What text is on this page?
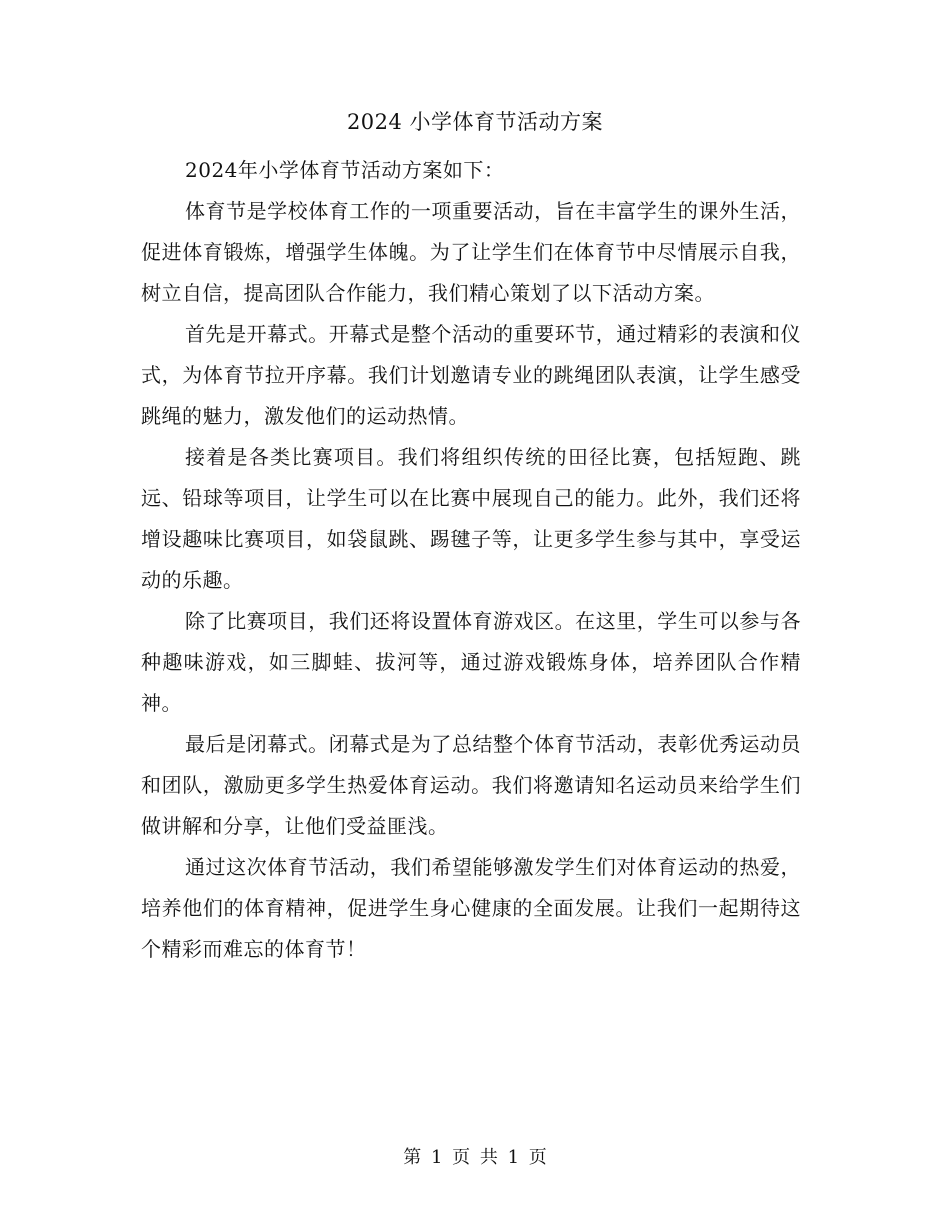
2024 小学体育节活动方案

2024年小学体育节活动方案如下：

体育节是学校体育工作的一项重要活动，旨在丰富学生的课外生活，促进体育锻炼，增强学生体魄。为了让学生们在体育节中尽情展示自我，树立自信，提高团队合作能力，我们精心策划了以下活动方案。

首先是开幕式。开幕式是整个活动的重要环节，通过精彩的表演和仪式，为体育节拉开序幕。我们计划邀请专业的跳绳团队表演，让学生感受跳绳的魅力，激发他们的运动热情。

接着是各类比赛项目。我们将组织传统的田径比赛，包括短跑、跳远、铅球等项目，让学生可以在比赛中展现自己的能力。此外，我们还将增设趣味比赛项目，如袋鼠跳、踢毽子等，让更多学生参与其中，享受运动的乐趣。

除了比赛项目，我们还将设置体育游戏区。在这里，学生可以参与各种趣味游戏，如三脚蛙、拔河等，通过游戏锻炼身体，培养团队合作精神。

最后是闭幕式。闭幕式是为了总结整个体育节活动，表彰优秀运动员和团队，激励更多学生热爱体育运动。我们将邀请知名运动员来给学生们做讲解和分享，让他们受益匪浅。

通过这次体育节活动，我们希望能够激发学生们对体育运动的热爱，培养他们的体育精神，促进学生身心健康的全面发展。让我们一起期待这个精彩而难忘的体育节！

第 1 页 共 1 页
